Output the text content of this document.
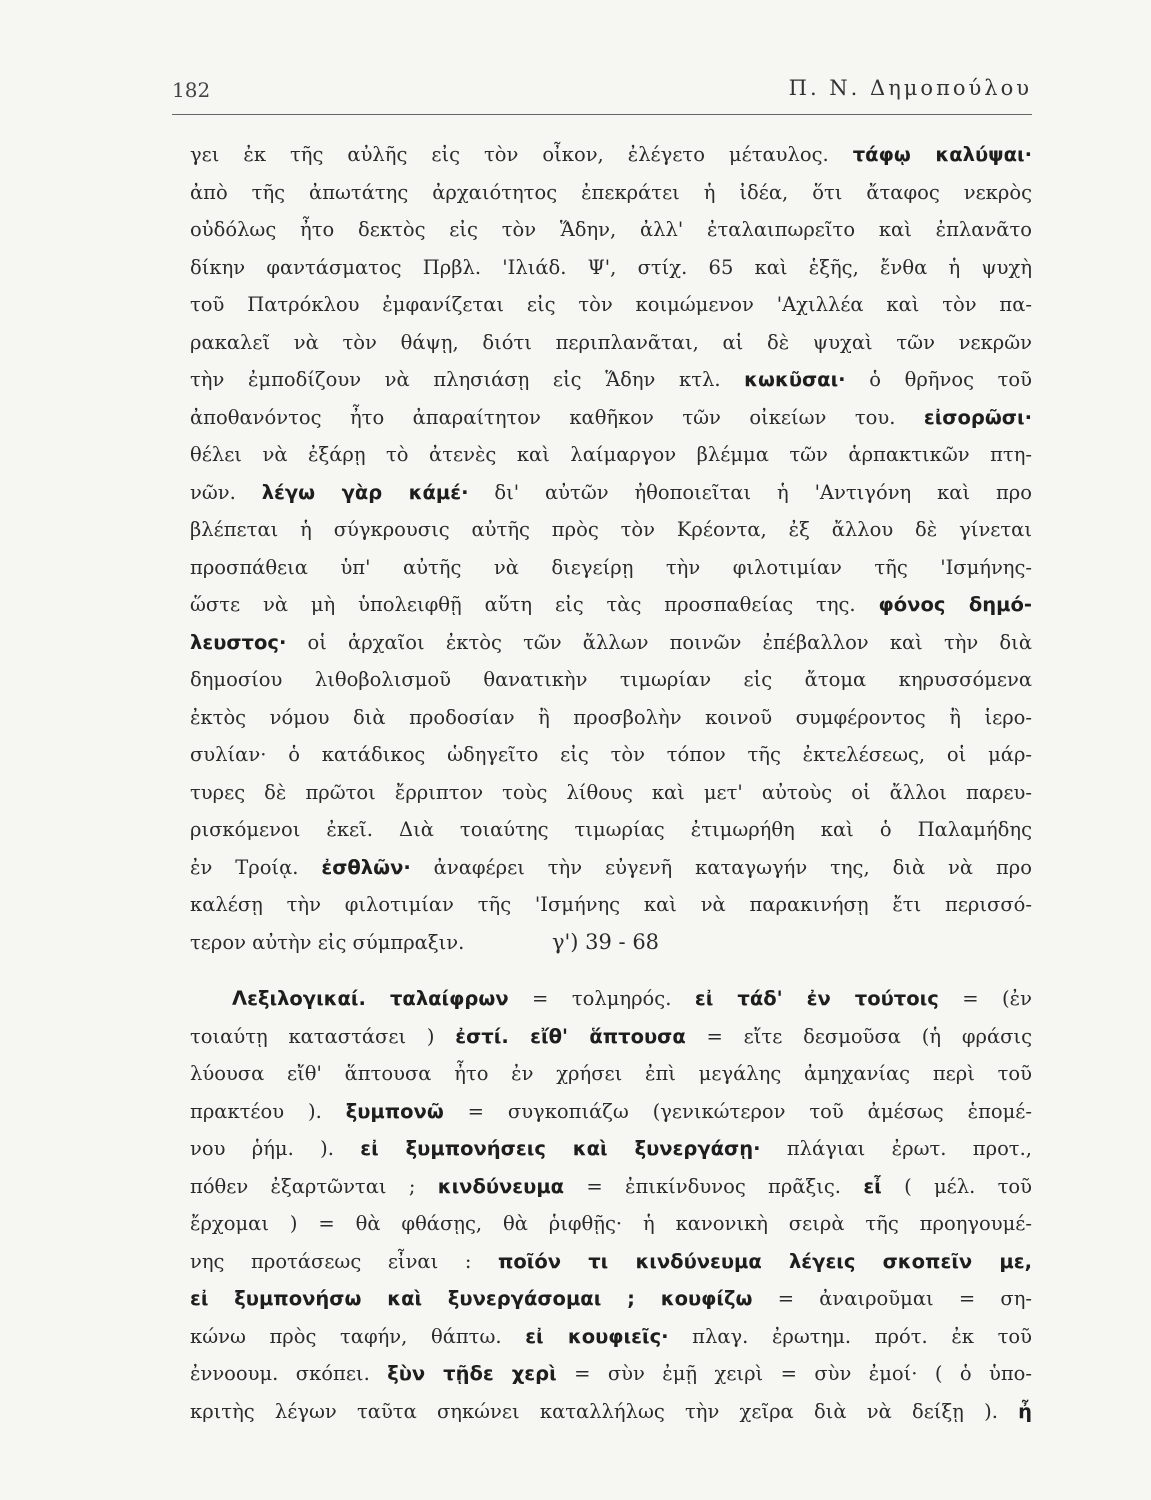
182	Π. Ν. Δημοπούλου
γει ἐκ τῆς αὐλῆς εἰς τὸν οἶκον, ἐλέγετο μέταυλος. τάφῳ καλύψαι·
ἀπὸ τῆς ἀπωτάτης ἀρχαιότητος ἐπεκράτει ἡ ἰδέα, ὅτι ἄταφος νεκρὸς
οὐδόλως ἦτο δεκτὸς εἰς τὸν Ἅδην, ἀλλ' ἐταλαιπωρεῖτο καὶ ἐπλανᾶτο
δίκην φαντάσματος Πρβλ. 'Ιλιάδ. Ψ', στίχ. 65 καὶ ἑξῆς, ἔνθα ἡ ψυχὴ
τοῦ Πατρόκλου ἐμφανίζεται εἰς τὸν κοιμώμενον 'Αχιλλέα καὶ τὸν πα-
ρακαλεῖ νὰ τὸν θάψῃ, διότι περιπλανᾶται, αἱ δὲ ψυχαὶ τῶν νεκρῶν
τὴν ἐμποδίζουν νὰ πλησιάσῃ εἰς Ἅδην κτλ. κωκῦσαι· ὁ θρῆνος τοῦ
ἀποθανόντος ἦτο ἀπαραίτητον καθῆκον τῶν οἰκείων του. εἰσορῶσι·
θέλει νὰ ἐξάρῃ τὸ ἀτενὲς καὶ λαίμαργον βλέμμα τῶν ἁρπακτικῶν πτη-
νῶν. λέγω γὰρ κάμέ· δι' αὐτῶν ἠθοποιεῖται ἡ 'Αντιγόνη καὶ προ
βλέπεται ἡ σύγκρουσις αὐτῆς πρὸς τὸν Κρέοντα, ἐξ ἄλλου δὲ γίνεται
προσπάθεια ὑπ' αὐτῆς νὰ διεγείρῃ τὴν φιλοτιμίαν τῆς 'Ισμήνης-
ὥστε νὰ μὴ ὑπολειφθῇ αὕτη εἰς τὰς προσπαθείας της. φόνος δημό-
λευστος· οἱ ἀρχαῖοι ἐκτὸς τῶν ἄλλων ποινῶν ἐπέβαλλον καὶ τὴν διὰ
δημοσίου λιθοβολισμοῦ θανατικὴν τιμωρίαν εἰς ἄτομα κηρυσσόμενα
ἐκτὸς νόμου διὰ προδοσίαν ἢ προσβολὴν κοινοῦ συμφέροντος ἢ ἱερο-
συλίαν· ὁ κατάδικος ὡδηγεῖτο εἰς τὸν τόπον τῆς ἐκτελέσεως, οἱ μάρ-
τυρες δὲ πρῶτοι ἔρριπτον τοὺς λίθους καὶ μετ' αὐτοὺς οἱ ἄλλοι παρευ-
ρισκόμενοι ἐκεῖ. Διὰ τοιαύτης τιμωρίας ἐτιμωρήθη καὶ ὁ Παλαμήδης
ἐν Τροίᾳ. ἐσθλῶν· ἀναφέρει τὴν εὐγενῆ καταγωγήν της, διὰ νὰ προ
καλέσῃ τὴν φιλοτιμίαν τῆς 'Ισμήνης καὶ νὰ παρακινήσῃ ἔτι περισσό-
τερον αὐτὴν εἰς σύμπραξιν.	γ') 39 - 68
Λεξιλογικαί. ταλαίφρων = τολμηρός. εἰ τάδ' ἐν τούτοις = (ἐν
τοιαύτῃ καταστάσει ) ἐστί. εἴθ' ἅπτουσα = εἴτε δεσμοῦσα (ἡ φράσις
λύουσα εἴθ' ἅπτουσα ἦτο ἐν χρήσει ἐπὶ μεγάλης ἀμηχανίας περὶ τοῦ
πρακτέου ). ξυμπονῶ = συγκοπιάζω (γενικώτερον τοῦ ἀμέσως ἑπομέ-
νου ῥήμ. ). εἰ ξυμπονήσεις καὶ ξυνεργάσῃ· πλάγιαι ἐρωτ. προτ.,
πόθεν ἐξαρτῶνται ; κινδύνευμα = ἐπικίνδυνος πρᾶξις. εἶ ( μέλ. τοῦ
ἔρχομαι ) = θὰ φθάσῃς, θὰ ῥιφθῇς· ἡ κανονικὴ σειρὰ τῆς προηγουμέ-
νης προτάσεως εἶναι : ποῖόν τι κινδύνευμα λέγεις σκοπεῖν με,
εἰ ξυμπονήσω καὶ ξυνεργάσομαι ; κουφίζω = ἀναιροῦμαι = ση-
κώνω πρὸς ταφήν, θάπτω. εἰ κουφιεῖς· πλαγ. ἐρωτημ. πρότ. ἐκ τοῦ
ἐννοουμ. σκόπει. ξὺν τῇδε χερὶ = σὺν ἐμῇ χειρὶ = σὺν ἐμοί· ( ὁ ὑπο-
κριτὴς λέγων ταῦτα σηκώνει καταλλήλως τὴν χεῖρα διὰ νὰ δείξῃ ). ἦ
